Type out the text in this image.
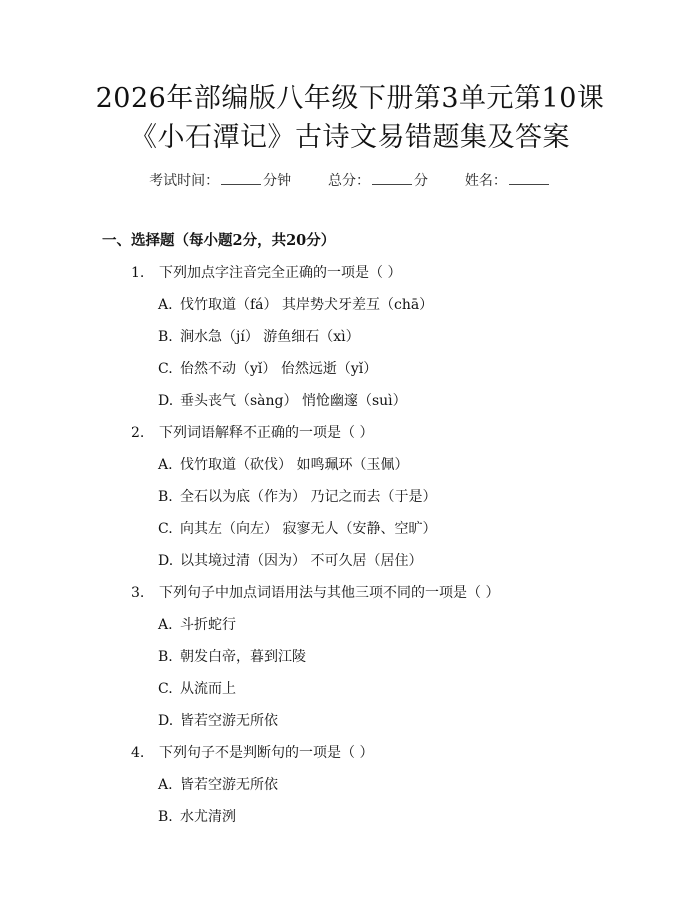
2026年部编版八年级下册第3单元第10课
《小石潭记》古诗文易错题集及答案
考试时间：	分钟	总分：	分	姓名：
一、选择题（每小题2分，共20分）
1. 下列加点字注音完全正确的一项是（ ）
A. 伐竹取道（fá） 其岸势犬牙差互（chā）
B. 涧水急（jí） 游鱼细石（xì）
C. 佁然不动（yǐ） 佁然远逝（yǐ）
D. 垂头丧气（sàng） 悄怆幽邃（suì）
2. 下列词语解释不正确的一项是（ ）
A. 伐竹取道（砍伐） 如鸣珮环（玉佩）
B. 全石以为底（作为） 乃记之而去（于是）
C. 向其左（向左） 寂寥无人（安静、空旷）
D. 以其境过清（因为） 不可久居（居住）
3. 下列句子中加点词语用法与其他三项不同的一项是（ ）
A. 斗折蛇行
B. 朝发白帝，暮到江陵
C. 从流而上
D. 皆若空游无所依
4. 下列句子不是判断句的一项是（ ）
A. 皆若空游无所依
B. 水尤清洌
